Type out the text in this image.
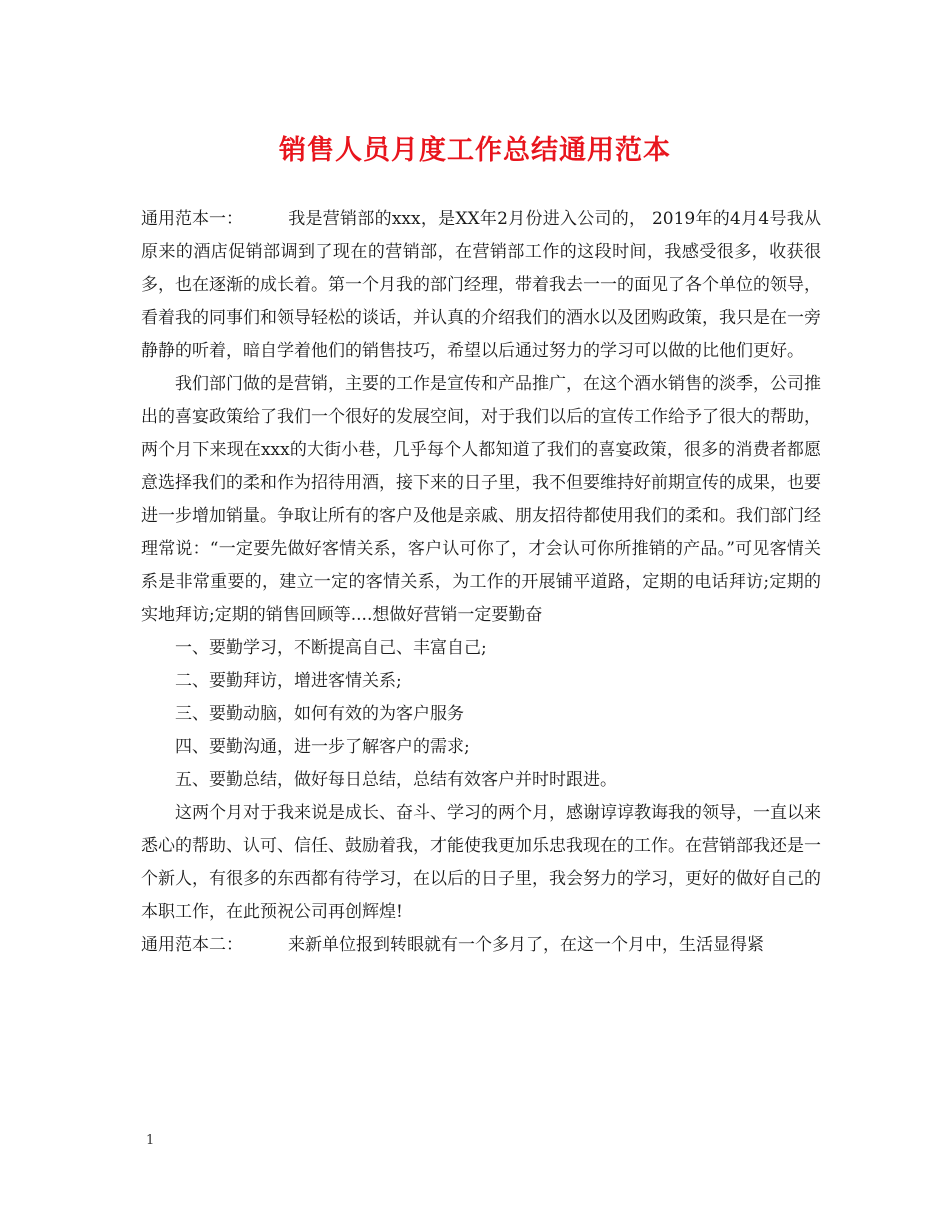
销售人员月度工作总结通用范本

通用范本一：	我是营销部的xxx，是XX年2月份进入公司的， 2019年的4月4号我从原来的酒店促销部调到了现在的营销部，在营销部工作的这段时间，我感受很多，收获很多，也在逐渐的成长着。第一个月我的部门经理，带着我去一一的面见了各个单位的领导，看着我的同事们和领导轻松的谈话，并认真的介绍我们的酒水以及团购政策，我只是在一旁静静的听着，暗自学着他们的销售技巧，希望以后通过努力的学习可以做的比他们更好。

我们部门做的是营销，主要的工作是宣传和产品推广，在这个酒水销售的淡季，公司推出的喜宴政策给了我们一个很好的发展空间，对于我们以后的宣传工作给予了很大的帮助，两个月下来现在xxx的大街小巷，几乎每个人都知道了我们的喜宴政策，很多的消费者都愿意选择我们的柔和作为招待用酒，接下来的日子里，我不但要维持好前期宣传的成果，也要进一步增加销量。争取让所有的客户及他是亲戚、朋友招待都使用我们的柔和。我们部门经理常说：“一定要先做好客情关系，客户认可你了，才会认可你所推销的产品。”可见客情关系是非常重要的，建立一定的客情关系，为工作的开展铺平道路，定期的电话拜访;定期的实地拜访;定期的销售回顾等....想做好营销一定要勤奋

一、要勤学习，不断提高自己、丰富自己;

二、要勤拜访，增进客情关系;

三、要勤动脑，如何有效的为客户服务

四、要勤沟通，进一步了解客户的需求;

五、要勤总结，做好每日总结，总结有效客户并时时跟进。

这两个月对于我来说是成长、奋斗、学习的两个月，感谢谆谆教诲我的领导，一直以来悉心的帮助、认可、信任、鼓励着我，才能使我更加乐忠我现在的工作。在营销部我还是一个新人，有很多的东西都有待学习，在以后的日子里，我会努力的学习，更好的做好自己的本职工作，在此预祝公司再创辉煌!

通用范本二：	来新单位报到转眼就有一个多月了，在这一个月中，生活显得紧

1
